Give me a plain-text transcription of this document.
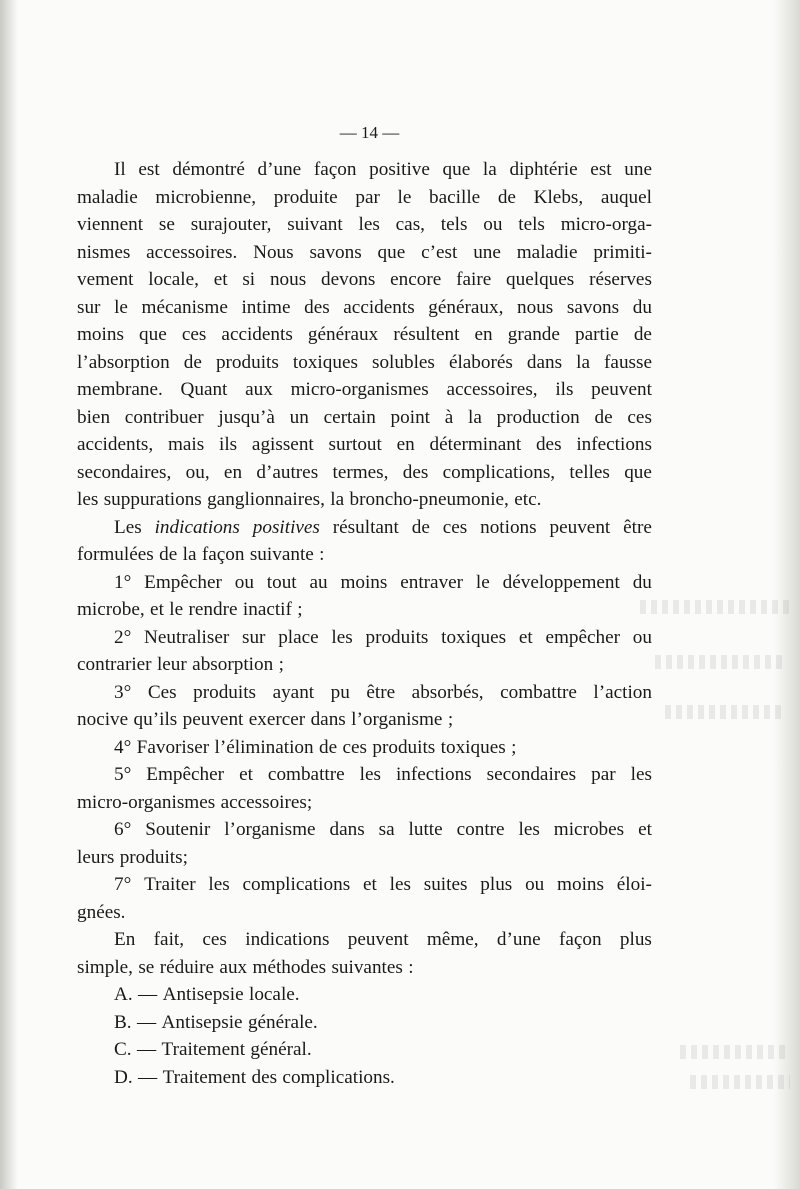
— 14 —
Il est démontré d’une façon positive que la diphtérie est une
maladie microbienne, produite par le bacille de Klebs, auquel
viennent se surajouter, suivant les cas, tels ou tels micro-orga-
nismes accessoires. Nous savons que c’est une maladie primiti-
vement locale, et si nous devons encore faire quelques réserves
sur le mécanisme intime des accidents généraux, nous savons du
moins que ces accidents généraux résultent en grande partie de
l’absorption de produits toxiques solubles élaborés dans la fausse
membrane. Quant aux micro-organismes accessoires, ils peuvent
bien contribuer jusqu’à un certain point à la production de ces
accidents, mais ils agissent surtout en déterminant des infections
secondaires, ou, en d’autres termes, des complications, telles que
les suppurations ganglionnaires, la broncho-pneumonie, etc.
Les indications positives résultant de ces notions peuvent être
formulées de la façon suivante :
1° Empêcher ou tout au moins entraver le développement du
microbe, et le rendre inactif ;
2° Neutraliser sur place les produits toxiques et empêcher ou
contrarier leur absorption ;
3° Ces produits ayant pu être absorbés, combattre l’action
nocive qu’ils peuvent exercer dans l’organisme ;
4° Favoriser l’élimination de ces produits toxiques ;
5° Empêcher et combattre les infections secondaires par les
micro-organismes accessoires;
6° Soutenir l’organisme dans sa lutte contre les microbes et
leurs produits;
7° Traiter les complications et les suites plus ou moins éloi-
gnées.
En fait, ces indications peuvent même, d’une façon plus
simple, se réduire aux méthodes suivantes :
A. — Antisepsie locale.
B. — Antisepsie générale.
C. — Traitement général.
D. — Traitement des complications.
